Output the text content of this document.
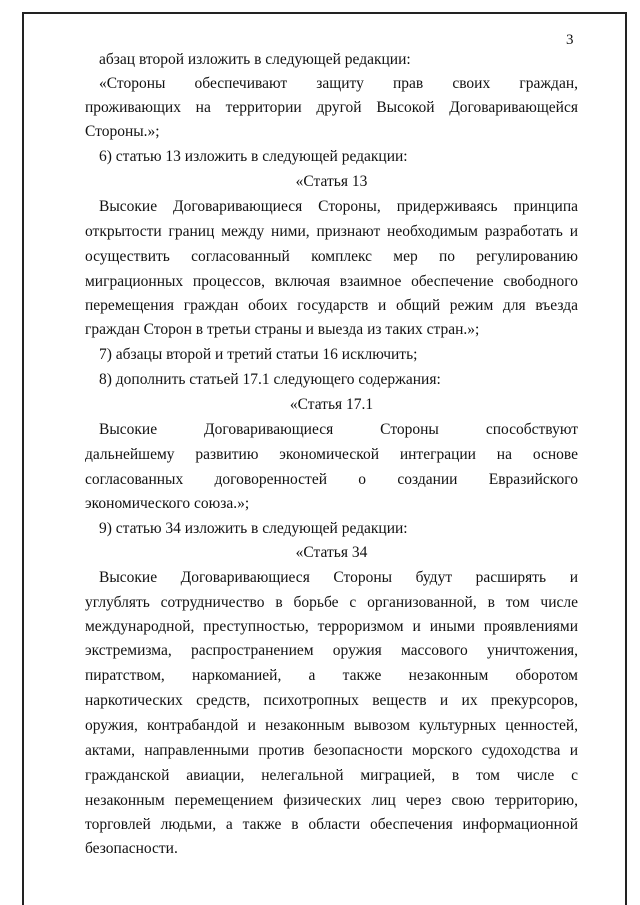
3
абзац второй изложить в следующей редакции:
«Стороны обеспечивают защиту прав своих граждан,
проживающих на территории другой Высокой Договаривающейся
Стороны.»;
6) статью 13 изложить в следующей редакции:
«Статья 13
Высокие Договаривающиеся Стороны, придерживаясь принципа
открытости границ между ними, признают необходимым разработать и
осуществить согласованный комплекс мер по регулированию
миграционных процессов, включая взаимное обеспечение свободного
перемещения граждан обоих государств и общий режим для въезда
граждан Сторон в третьи страны и выезда из таких стран.»;
7) абзацы второй и третий статьи 16 исключить;
8) дополнить статьей 17.1 следующего содержания:
«Статья 17.1
Высокие Договаривающиеся Стороны способствуют
дальнейшему развитию экономической интеграции на основе
согласованных договоренностей о создании Евразийского
экономического союза.»;
9) статью 34 изложить в следующей редакции:
«Статья 34
Высокие Договаривающиеся Стороны будут расширять и
углублять сотрудничество в борьбе с организованной, в том числе
международной, преступностью, терроризмом и иными проявлениями
экстремизма, распространением оружия массового уничтожения,
пиратством, наркоманией, а также незаконным оборотом
наркотических средств, психотропных веществ и их прекурсоров,
оружия, контрабандой и незаконным вывозом культурных ценностей,
актами, направленными против безопасности морского судоходства и
гражданской авиации, нелегальной миграцией, в том числе с
незаконным перемещением физических лиц через свою территорию,
торговлей людьми, а также в области обеспечения информационной
безопасности.
